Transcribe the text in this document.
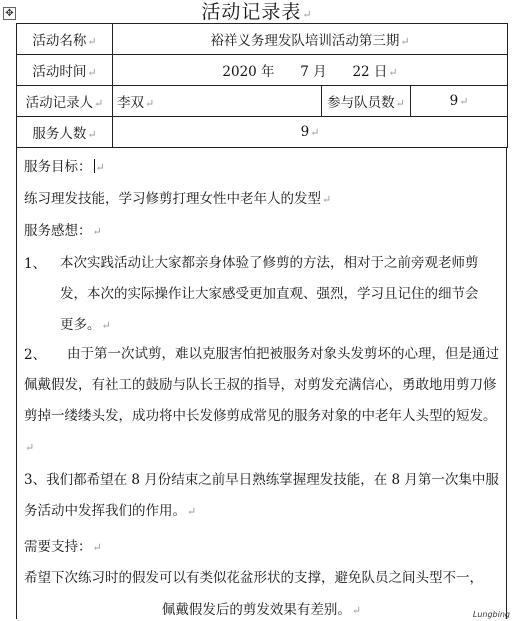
✥	活动记录表↵
活动名称↵	裕祥义务理发队培训活动第三期↵		
活动时间↵	2020 年 7 月 22 日↵		
活动记录人↵	李双↵	参与队员数↵	9↵
服务人数↵	9↵		
服务目标： ↵
练习理发技能，学习修剪打理女性中老年人的发型↵
服务感想：↵
1、 本次实践活动让大家都亲身体验了修剪的方法，相对于之前旁观老师剪发，本次的实际操作让大家感受更加直观、强烈，学习且记住的细节会更多。↵
2、	由于第一次试剪，难以克服害怕把被服务对象头发剪坏的心理，但是通过佩戴假发，有社工的鼓励与队长王叔的指导，对剪发充满信心，勇敢地用剪刀修剪掉一缕缕头发，成功将中长发修剪成常见的服务对象的中老年人头型的短发。↵
3、我们都希望在 8 月份结束之前早日熟练掌握理发技能，在 8 月第一次集中服务活动中发挥我们的作用。↵
需要支持：↵
希望下次练习时的假发可以有类似花盆形状的支撑，避免队员之间头型不一，
佩戴假发后的剪发效果有差别。↵	Lungbing
